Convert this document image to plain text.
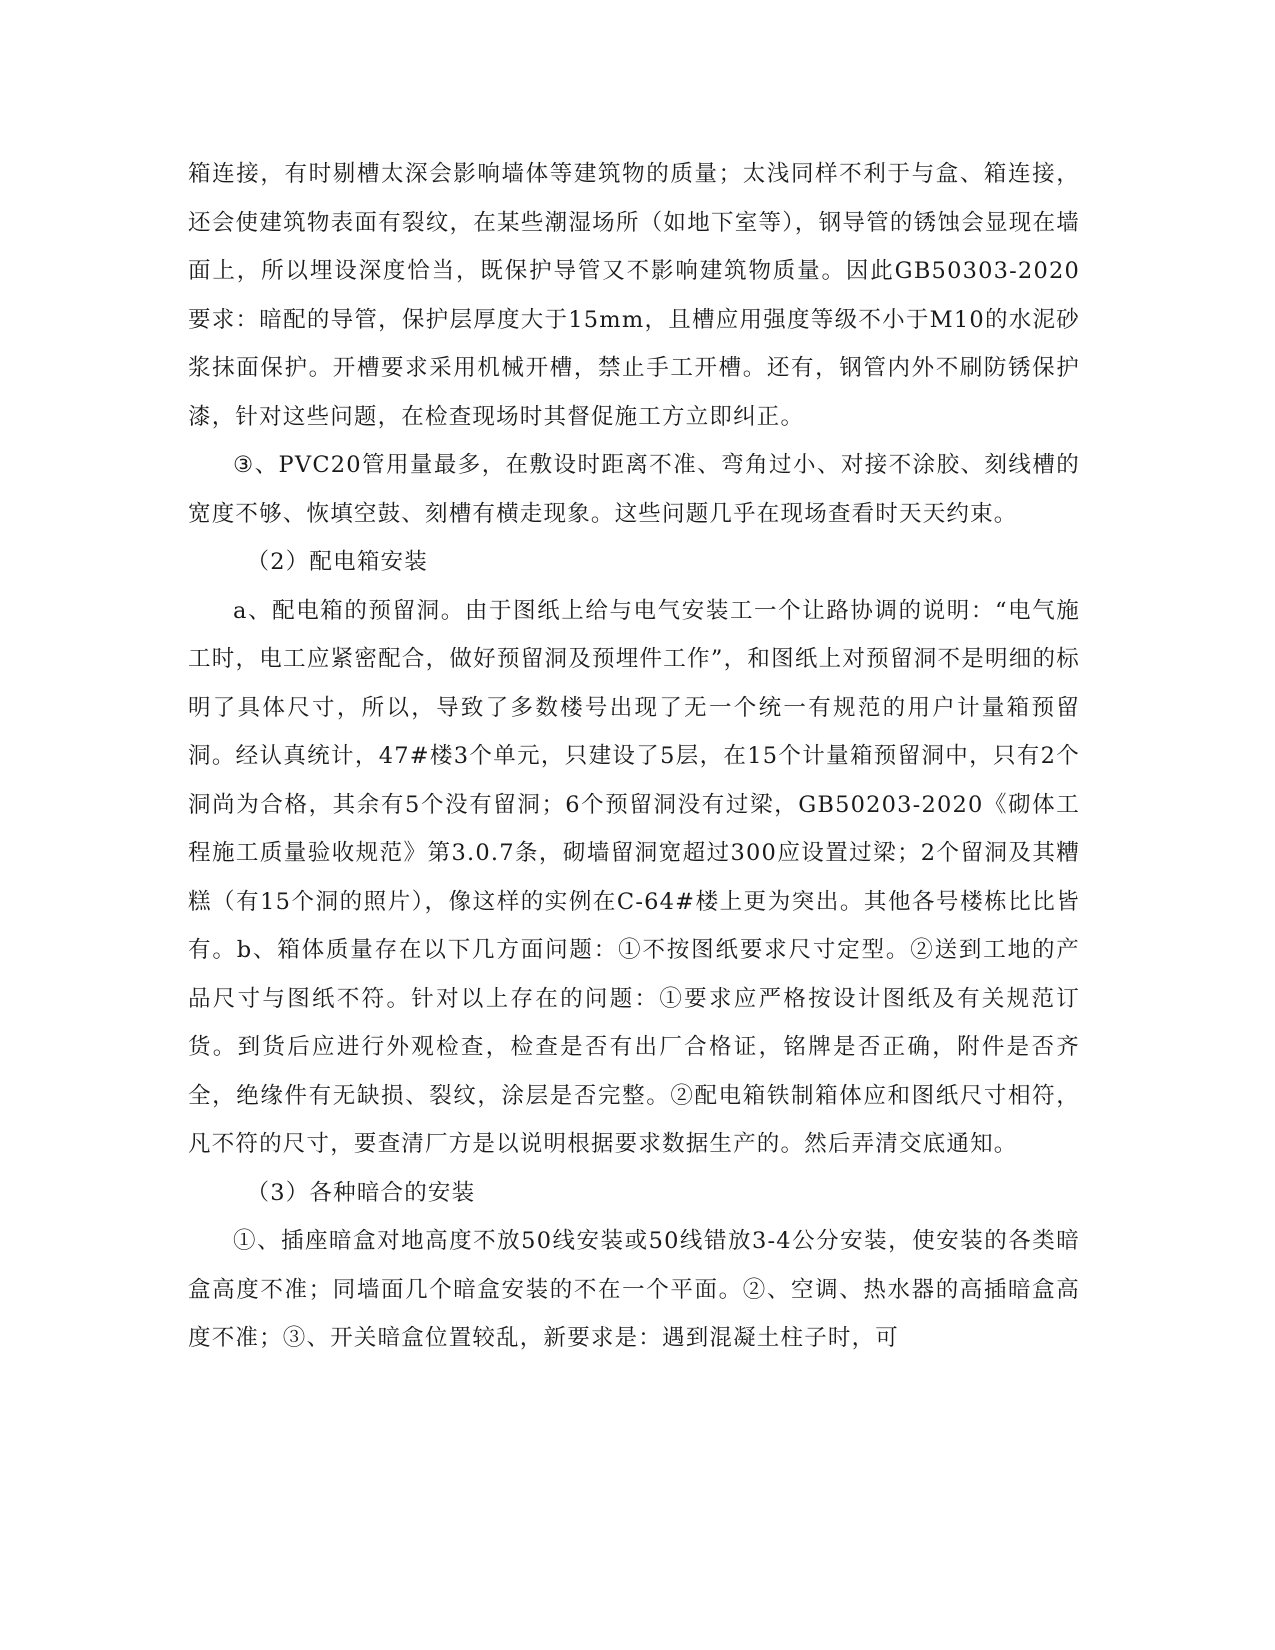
箱连接，有时剔槽太深会影响墙体等建筑物的质量；太浅同样不利于与盒、箱连接，还会使建筑物表面有裂纹，在某些潮湿场所（如地下室等），钢导管的锈蚀会显现在墙面上，所以埋设深度恰当，既保护导管又不影响建筑物质量。因此GB50303-2020要求：暗配的导管，保护层厚度大于15mm，且槽应用强度等级不小于M10的水泥砂浆抹面保护。开槽要求采用机械开槽，禁止手工开槽。还有，钢管内外不刷防锈保护漆，针对这些问题，在检查现场时其督促施工方立即纠正。

③、PVC20管用量最多，在敷设时距离不准、弯角过小、对接不涂胶、刻线槽的宽度不够、恢填空鼓、刻槽有横走现象。这些问题几乎在现场查看时天天约束。

（2）配电箱安装

a、配电箱的预留洞。由于图纸上给与电气安装工一个让路协调的说明：“电气施工时，电工应紧密配合，做好预留洞及预埋件工作”，和图纸上对预留洞不是明细的标明了具体尺寸，所以，导致了多数楼号出现了无一个统一有规范的用户计量箱预留洞。经认真统计，47#楼3个单元，只建设了5层，在15个计量箱预留洞中，只有2个洞尚为合格，其余有5个没有留洞；6个预留洞没有过梁，GB50203-2020《砌体工程施工质量验收规范》第3.0.7条，砌墙留洞宽超过300应设置过梁；2个留洞及其糟糕（有15个洞的照片），像这样的实例在C-64#楼上更为突出。其他各号楼栋比比皆有。b、箱体质量存在以下几方面问题：①不按图纸要求尺寸定型。②送到工地的产品尺寸与图纸不符。针对以上存在的问题：①要求应严格按设计图纸及有关规范订货。到货后应进行外观检查，检查是否有出厂合格证，铭牌是否正确，附件是否齐全，绝缘件有无缺损、裂纹，涂层是否完整。②配电箱铁制箱体应和图纸尺寸相符，凡不符的尺寸，要查清厂方是以说明根据要求数据生产的。然后弄清交底通知。

（3）各种暗合的安装

①、插座暗盒对地高度不放50线安装或50线错放3-4公分安装，使安装的各类暗盒高度不准；同墙面几个暗盒安装的不在一个平面。②、空调、热水器的高插暗盒高度不准；③、开关暗盒位置较乱，新要求是：遇到混凝土柱子时，可
